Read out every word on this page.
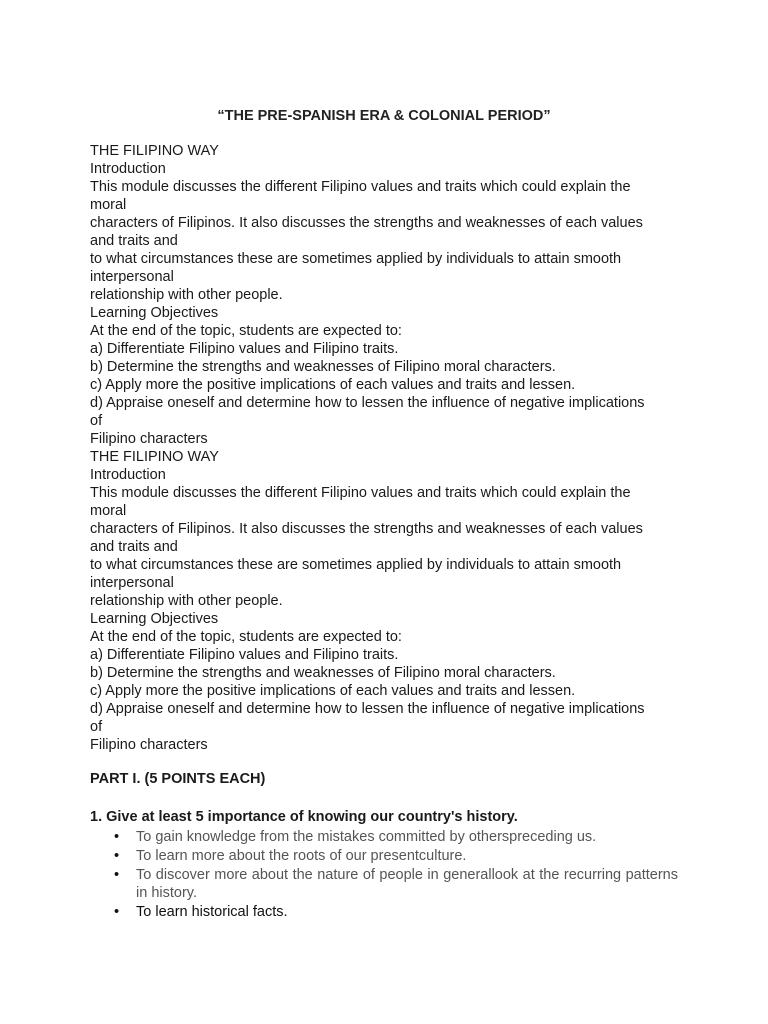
“THE PRE-SPANISH ERA & COLONIAL PERIOD”
THE FILIPINO WAY
Introduction
This module discusses the different Filipino values and traits which could explain the
moral
characters of Filipinos. It also discusses the strengths and weaknesses of each values
and traits and
to what circumstances these are sometimes applied by individuals to attain smooth
interpersonal
relationship with other people.
Learning Objectives
At the end of the topic, students are expected to:
a) Differentiate Filipino values and Filipino traits.
b) Determine the strengths and weaknesses of Filipino moral characters.
c) Apply more the positive implications of each values and traits and lessen.
d) Appraise oneself and determine how to lessen the influence of negative implications
of
Filipino characters
THE FILIPINO WAY
Introduction
This module discusses the different Filipino values and traits which could explain the
moral
characters of Filipinos. It also discusses the strengths and weaknesses of each values
and traits and
to what circumstances these are sometimes applied by individuals to attain smooth
interpersonal
relationship with other people.
Learning Objectives
At the end of the topic, students are expected to:
a) Differentiate Filipino values and Filipino traits.
b) Determine the strengths and weaknesses of Filipino moral characters.
c) Apply more the positive implications of each values and traits and lessen.
d) Appraise oneself and determine how to lessen the influence of negative implications
of
Filipino characters
PART I. (5 POINTS EACH)
1. Give at least 5 importance of knowing our country's history.
• To gain knowledge from the mistakes committed by otherspreceding us.
• To learn more about the roots of our presentculture.
• To discover more about the nature of people in generallook at the recurring patterns in history.
• To learn historical facts.
